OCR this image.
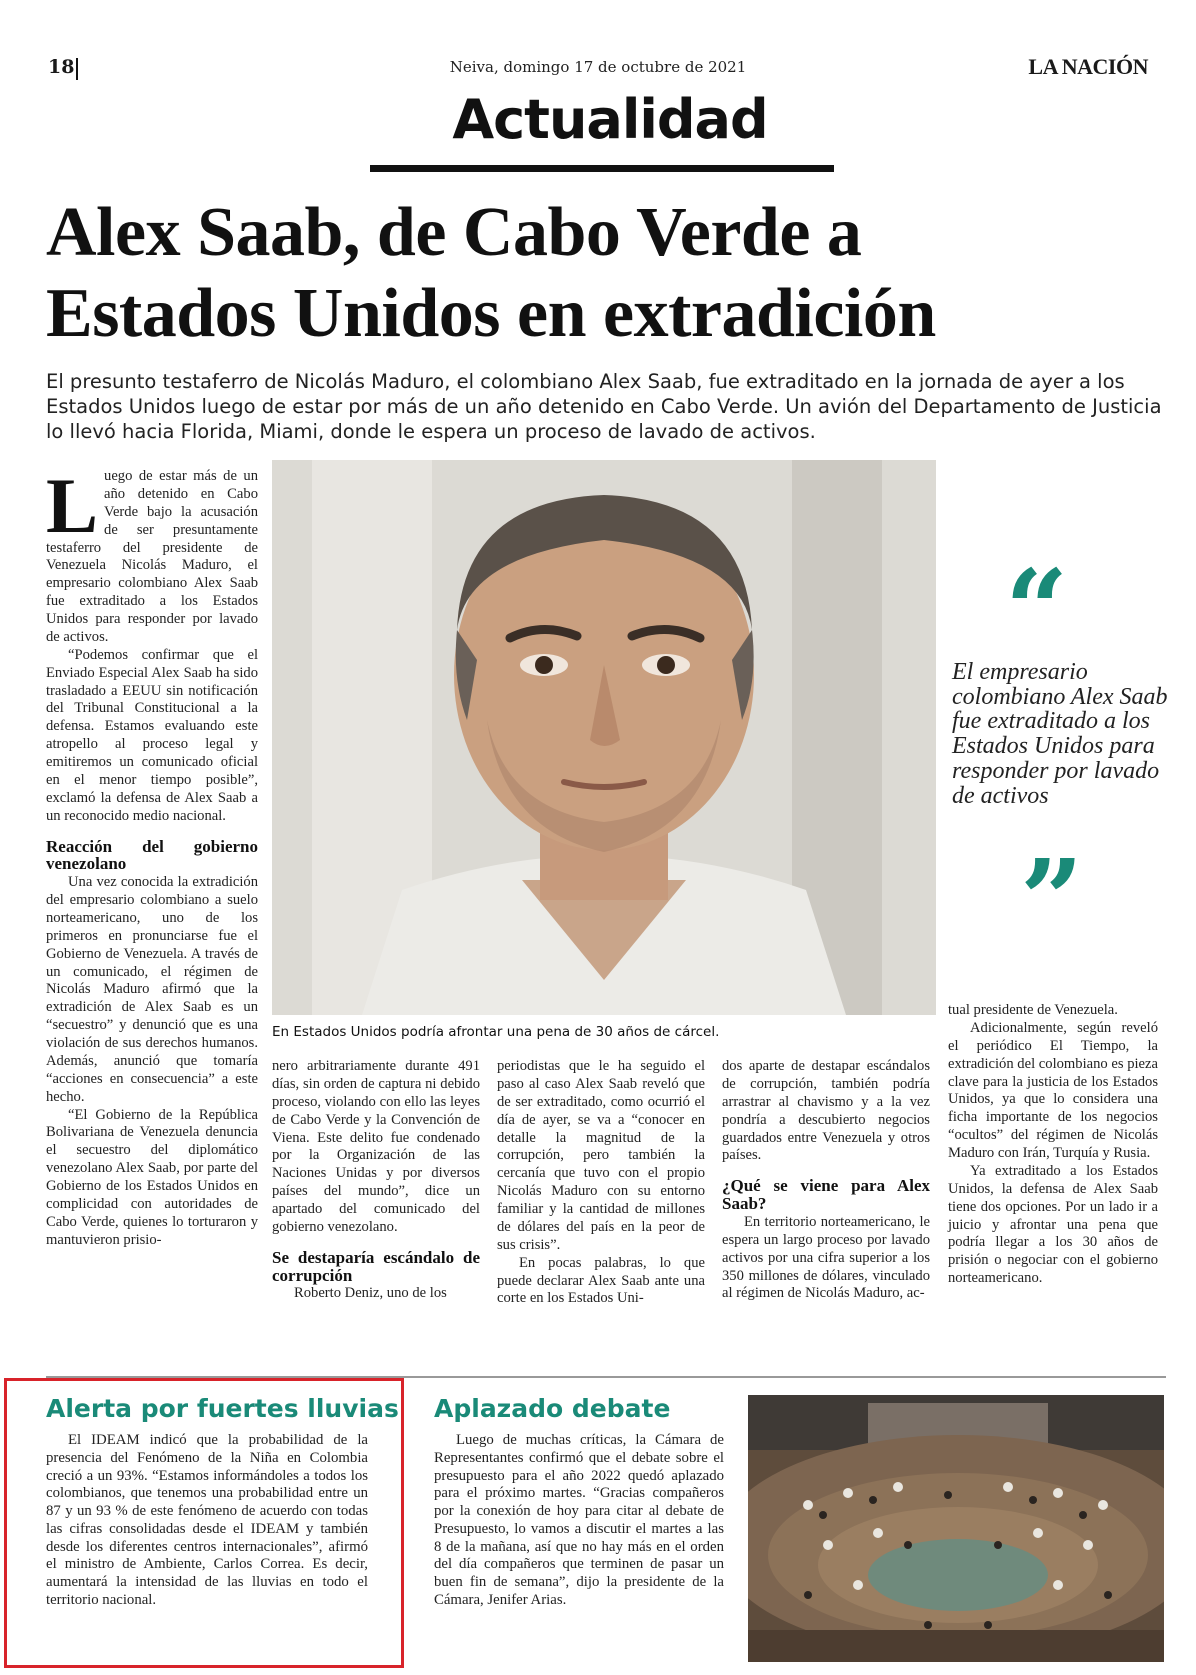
18	Neiva, domingo 17 de octubre de 2021	LA NACIÓN
Actualidad
Alex Saab, de Cabo Verde a
Estados Unidos en extradición
El presunto testaferro de Nicolás Maduro, el colombiano Alex Saab, fue extraditado en la jornada de ayer a los Estados Unidos luego de estar por más de un año detenido en Cabo Verde. Un avión del Departamento de Justicia lo llevó hacia Florida, Miami, donde le espera un proceso de lavado de activos.
L uego de estar más de un año detenido en Cabo Verde bajo la acusación de ser presuntamente testaferro del presidente de Venezuela Nicolás Maduro, el empresario colombiano Alex Saab fue extraditado a los Estados Unidos para responder por lavado de activos.

“Podemos confirmar que el Enviado Especial Alex Saab ha sido trasladado a EEUU sin notificación del Tribunal Constitucional a la defensa. Estamos evaluando este atropello al proceso legal y emitiremos un comunicado oficial en el menor tiempo posible”, exclamó la defensa de Alex Saab a un reconocido medio nacional.

Reacción del gobierno venezolano

Una vez conocida la extradición del empresario colombiano a suelo norteamericano, uno de los primeros en pronunciarse fue el Gobierno de Venezuela. A través de un comunicado, el régimen de Nicolás Maduro afirmó que la extradición de Alex Saab es un “secuestro” y denunció que es una violación de sus derechos humanos. Además, anunció que tomaría “acciones en consecuencia” a este hecho.

“El Gobierno de la República Bolivariana de Venezuela denuncia el secuestro del diplomático venezolano Alex Saab, por parte del Gobierno de los Estados Unidos en complicidad con autoridades de Cabo Verde, quienes lo torturaron y mantuvieron prisio-

En Estados Unidos podría afrontar una pena de 30 años de cárcel.
“
El empresario colombiano Alex Saab fue extraditado a los Estados Unidos para responder por lavado de activos
”

nero arbitrariamente durante 491 días, sin orden de captura ni debido proceso, violando con ello las leyes de Cabo Verde y la Convención de Viena. Este delito fue condenado por la Organización de las Naciones Unidas y por diversos países del mundo”, dice un apartado del comunicado del gobierno venezolano.

Se destaparía escándalo de corrupción

Roberto Deniz, uno de los

periodistas que le ha seguido el paso al caso Alex Saab reveló que de ser extraditado, como ocurrió el día de ayer, se va a “conocer en detalle la magnitud de la corrupción, pero también la cercanía que tuvo con el propio Nicolás Maduro con su entorno familiar y la cantidad de millones de dólares del país en la peor de sus crisis”.

En pocas palabras, lo que puede declarar Alex Saab ante una corte en los Estados Uni-

dos aparte de destapar escándalos de corrupción, también podría arrastrar al chavismo y a la vez pondría a descubierto negocios guardados entre Venezuela y otros países.

¿Qué se viene para Alex Saab?

En territorio norteamericano, le espera un largo proceso por lavado activos por una cifra superior a los 350 millones de dólares, vinculado al régimen de Nicolás Maduro, ac-

tual presidente de Venezuela.

Adicionalmente, según reveló el periódico El Tiempo, la extradición del colombiano es pieza clave para la justicia de los Estados Unidos, ya que lo considera una ficha importante de los negocios “ocultos” del régimen de Nicolás Maduro con Irán, Turquía y Rusia.

Ya extraditado a los Estados Unidos, la defensa de Alex Saab tiene dos opciones. Por un lado ir a juicio y afrontar una pena que podría llegar a los 30 años de prisión o negociar con el gobierno norteamericano.

Alerta por fuertes lluvias

El IDEAM indicó que la probabilidad de la presencia del Fenómeno de la Niña en Colombia creció a un 93%. “Estamos informándoles a todos los colombianos, que tenemos una probabilidad entre un 87 y un 93 % de este fenómeno de acuerdo con todas las cifras consolidadas desde el IDEAM y también desde los diferentes centros internacionales”, afirmó el ministro de Ambiente, Carlos Correa. Es decir, aumentará la intensidad de las lluvias en todo el territorio nacional.

Aplazado debate

Luego de muchas críticas, la Cámara de Representantes confirmó que el debate sobre el presupuesto para el año 2022 quedó aplazado para el próximo martes. “Gracias compañeros por la conexión de hoy para citar al debate de Presupuesto, lo vamos a discutir el martes a las 8 de la mañana, así que no hay más en el orden del día compañeros que terminen de pasar un buen fin de semana”, dijo la presidente de la Cámara, Jenifer Arias.
